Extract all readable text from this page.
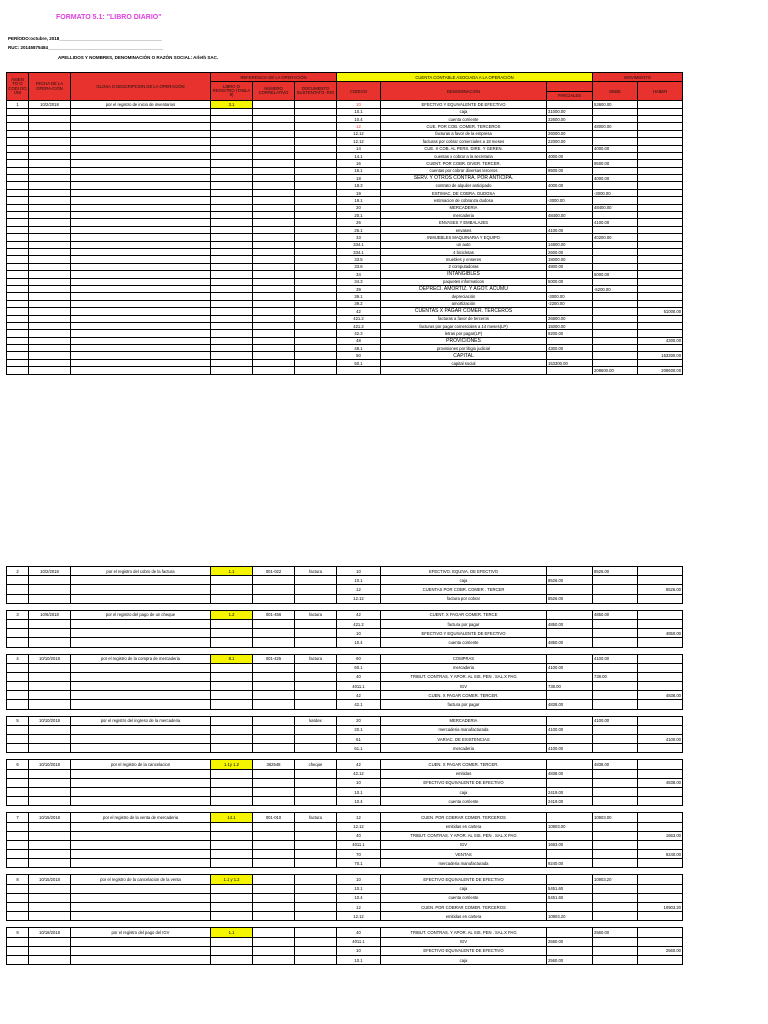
FORMATO 5.1: "LIBRO DIARIO"
PERÍODO:octubre, 2018_________________________________________
RUC: 20145875484______________________________________________
APELLIDOS Y NOMBRES, DENOMINACIÓN O RAZÓN SOCIAL: Arleth SAC.
ASIEN TO O CODI GO UNI	FECHA DE LA OPERA-CIÓN	GLOSA O DESCRIPCION DE LA OPERACIÓN	REFERENCIA DE LA OPERACIÓN			CUENTA CONTABLE ASOCIADA A LA OPERACIÓN			MOVIMIENTO	
			LIBRO O REGISTRO (TABLA 8)	NÚMERO CORRELATIVO	DOCUMENTO SUSTENTATO- RIO	CODIGO	DENOMINACION		DEBE	HABER
								PARCIALES		
1	10/2/2018	por el registro de inicio de inventarios	3.1			10	EFECTIVO Y EQUIVALENTE DE EFECTIVO		53600.00	
						10.1	caja	31000.00		
						10.4	cuenta corriente	22600.00		
						12	CUE. POR COB. COMER. TERCEROS		48000.00	
						12.12	facturas a favor de la empresa	26000.00		
						12.12	facturas por cobrar comerciales a 18 meses	22000.00		
						14	CUE. X COB. AL PERS. DIRE. Y GEREN.		4000.00	
						14.1	cuentas x cobrar a la secretaria	4000.00		
						16	CUENT. POR COBR. DIVER. TERCER.		9500.00	
						16.1	cuentas por cobrar diversas terceros	9500.00		
						18	SERV. Y OTROS CONTRA. POR ANTICIPA.		4000.00	
						18.3	contrato de alquiler anticipado	4000.00		
						19	ESTIMAC. DE COBRA. DUDOSA		-3000.00	
						19.1	estimacion de cobranza dudosa	-3000.00		
						20	MERCADERIA		48400.00	
						20.1	mercaderia	48400.00		
						26	ENVASES Y EMBALAJES		4100.00	
						26.1	envases	4100.00		
						33	INMUEBLES MAQUINARIA Y EQUIPO		40200.00	
						334.1	un auto	14800.00		
						334.1	4 bicicletas	2600.00		
						33.5	muebles y enseres	18000.00		
						33.6	2 computadoras	4800.00		
						34	INTANGIBLES		5000.00	
						34.3	paquetes informaticos	5000.00		
						39	DEPRECI. AMORTIZ. Y AGOT. ACUMU		-5200.00	
						39.1	depreciación	-3000.00		
						39.2	amortización	-2200.00		
						42	CUENTAS X PAGAR COMER. TERCEROS			51000.00
						421.2	facturas a favor de terceros	26800.00		
						421.2	facturas por pagar comerciales a 14 meses(LP)	15000.00		
						42.3	letras por pagar(LP)	9200.00		
						48	PROVICIONES			4300.00
						48.1	provisiones por litigio judicial	4300.00		
						50	CAPITAL			153300.00
						50.1	capital social	153300.00		
									208600.00	208600.00
2	10/2/2018	por el registro del cobro de la factura	1.1	001-022	factura	10	EFECTIVO. EQUIVA. DE EFECTIVO		8526.00	
						10.1	caja	8526.00		
						12	CUENTAS POR COBR. COMER . TERCER			8526.00
						12.12	factura por cobrar	8526.00		

3	10/6/2018	por el registro del pago de un cheque	1.2	001-456	factura	42	CUENT. X PAGAR COMER. TERCE		4850.00	
						421.2	factura por pagar	4850.00		
						10	EFECTIVO Y EQUIVALENTE DE EFECTIVO			4850.00
						10.4	cuenta corriente	4850.00		

4	10/10/2018	por el registro de la compra de mercaderia	8.1	001-425	factura	60	COMPRAS		4100.00	
						60.1	mercaderia	4100.00		
						40	TRIBUT. CONTRAS. Y APOR. AL SIS. PEN . SAL.X PAG		738.00	
						4011.1	IGV	738.00		
						42	CUEN. X PAGAR COMER. TERCER.			4838.00
						42.1	factura por pagar	4838.00		

5	10/10/2018	por el registro del ingreso de la mercaderia			kardex	20	MERCADERIA		4100.00	
						20.1	mercaderia manufacturada	4100.00		
						61	VARIAC. DE EXISTENCIAS			4100.00
						61.1	mercaderia	4100.00		

6	10/10/2018	por el registro de la cancelacion	1.1y 1.2	362548	cheque	42	CUEN. X PAGAR COMER. TERCER.		4838.00	
						42.12	emitidas	4838.00		
						10	EFECTIVO EQUIVALENTE DE EFECTIVO			4838.00
						10.1	caja	2419.00		
						10.4	cuenta corriente	2419.00		

7	10/15/2018	por el registro de la venta de mercaderia	14.1	001-010	factura	12	CUEN. POR COBRAR COMER. TERCEROS		10903.00	
						12.12	emitidas en cartera	10903.00		
						40	TRIBUT. CONTRAS. Y APOR. AL SIS. PEN . SAL.X PAG			1663.00
						4011.1	IGV	1663.00		
						70	VENTAS			9240.00
						70.1	mercaderia manufacturada	9240.00		

8	10/15/2018	por el registro de la cancelacion de la venta	1.1 y 1.2			10	EFECTIVO EQUIVALENTE DE EFECTIVO		10903.20	
						10.1	caja	5451.60		
						10.4	cuenta corriente	5451.60		
						12	CUEN. POR COBRAR COMER. TERCEROS			10903.20
						12.12	emitidas en cartera	10903.20		

9	10/18/2018	por el registro del pago del IGV	1.1			40	TRIBUT. CONTRAS. Y APOR. AL SIS. PEN . SAL.X PAG		2560.00	
						4011.1	IGV	2560.00		
						10	EFECTIVO EQUIVALENTE DE EFECTIVO			2560.00
						10.1	caja	2560.00		
